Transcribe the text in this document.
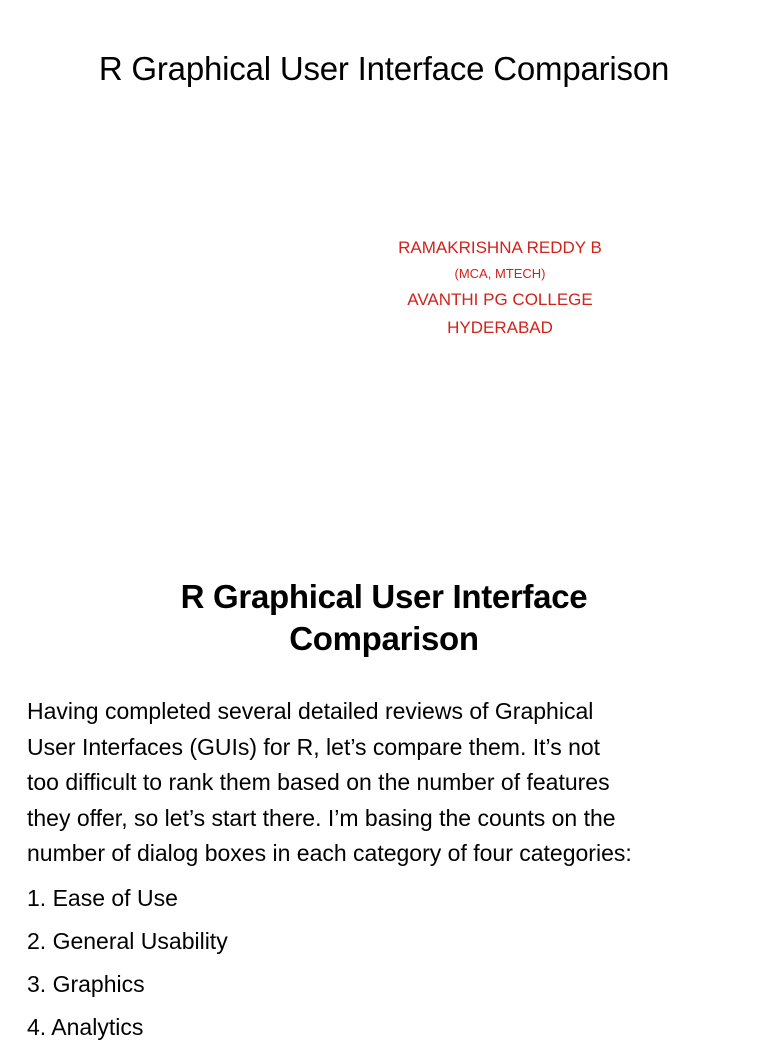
R Graphical User Interface Comparison
RAMAKRISHNA REDDY B
(MCA, MTECH)
AVANTHI PG COLLEGE
HYDERABAD
R Graphical User Interface
Comparison

Having completed several detailed reviews of Graphical
User Interfaces (GUIs) for R, let’s compare them. It’s not
too difficult to rank them based on the number of features
they offer, so let’s start there. I’m basing the counts on the
number of dialog boxes in each category of four categories:

1. Ease of Use
2. General Usability
3. Graphics
4. Analytics
